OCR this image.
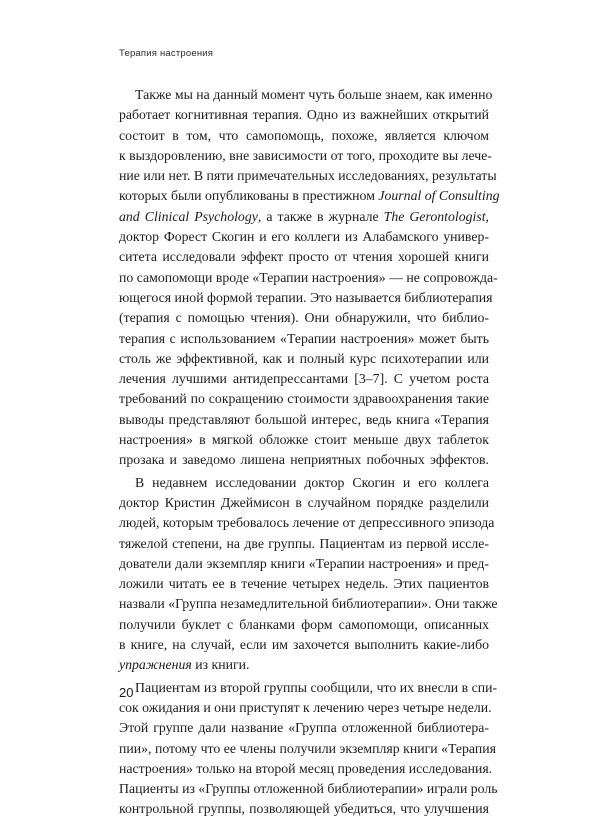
Терапия настроения
Также мы на данный момент чуть больше знаем, как именно
работает когнитивная терапия. Одно из важнейших открытий
состоит в том, что самопомощь, похоже, является ключом
к выздоровлению, вне зависимости от того, проходите вы лече-
ние или нет. В пяти примечательных исследованиях, результаты
которых были опубликованы в престижном Journal of Consulting
and Clinical Psychology, а также в журнале The Gerontologist,
доктор Форест Скогин и его коллеги из Алабамского универ-
ситета исследовали эффект просто от чтения хорошей книги
по самопомощи вроде «Терапии настроения» — не сопровожда-
ющегося иной формой терапии. Это называется библиотерапия
(терапия с помощью чтения). Они обнаружили, что библио-
терапия с использованием «Терапии настроения» может быть
столь же эффективной, как и полный курс психотерапии или
лечения лучшими антидепрессантами [3–7]. С учетом роста
требований по сокращению стоимости здравоохранения такие
выводы представляют большой интерес, ведь книга «Терапия
настроения» в мягкой обложке стоит меньше двух таблеток
прозака и заведомо лишена неприятных побочных эффектов.
В недавнем исследовании доктор Скогин и его коллега
доктор Кристин Джеймисон в случайном порядке разделили
людей, которым требовалось лечение от депрессивного эпизода
тяжелой степени, на две группы. Пациентам из первой иссле-
дователи дали экземпляр книги «Терапии настроения» и пред-
ложили читать ее в течение четырех недель. Этих пациентов
назвали «Группа незамедлительной библиотерапии». Они также
получили буклет с бланками форм самопомощи, описанных
в книге, на случай, если им захочется выполнить какие-либо
упражнения из книги.
Пациентам из второй группы сообщили, что их внесли в спи-
сок ожидания и они приступят к лечению через четыре недели.
Этой группе дали название «Группа отложенной библиотера-
пии», потому что ее члены получили экземпляр книги «Терапия
настроения» только на второй месяц проведения исследования.
Пациенты из «Группы отложенной библиотерапии» играли роль
контрольной группы, позволяющей убедиться, что улучшения
20
